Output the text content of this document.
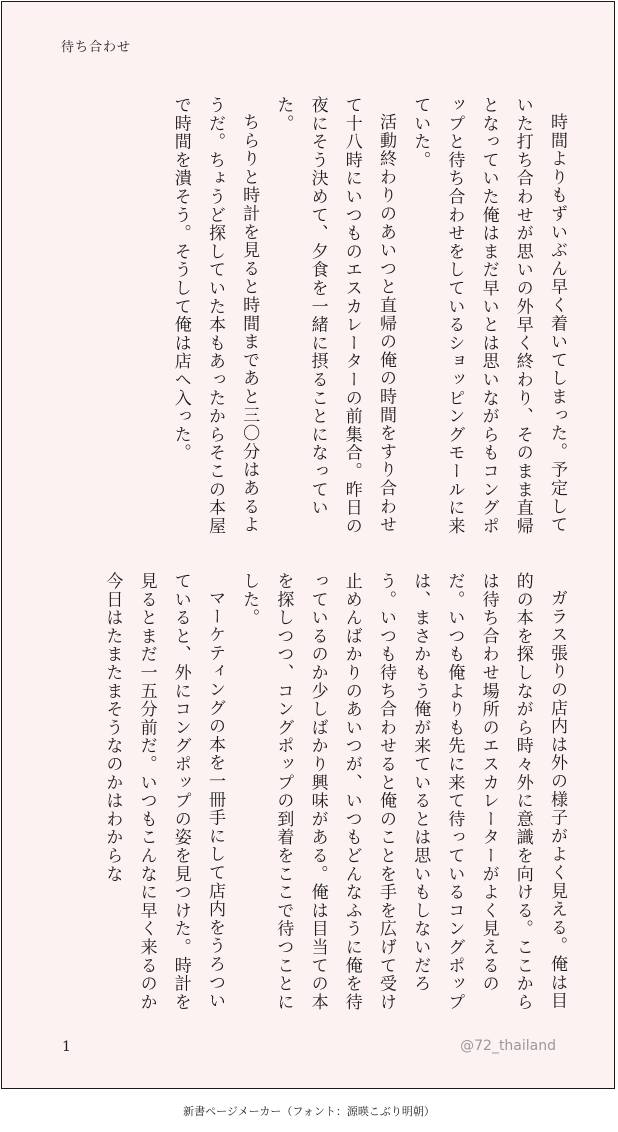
待ち合わせ

時間よりもずいぶん早く着いてしまった。予定していた打ち合わせが思いの外早く終わり、そのまま直帰となっていた俺はまだ早いとは思いながらもコングポップと待ち合わせをしているショッピングモールに来ていた。

活動終わりのあいつと直帰の俺の時間をすり合わせて十八時にいつものエスカレーターの前集合。昨日の夜にそう決めて、夕食を一緒に摂ることになっていた。

ちらりと時計を見ると時間まであと三〇分はあるようだ。ちょうど探していた本もあったからそこの本屋で時間を潰そう。そうして俺は店へ入った。

ガラス張りの店内は外の様子がよく見える。俺は目的の本を探しながら時々外に意識を向ける。ここからは待ち合わせ場所のエスカレーターがよく見えるのだ。いつも俺よりも先に来て待っているコングポップは、まさかもう俺が来ているとは思いもしないだろう。いつも待ち合わせると俺のことを手を広げて受け止めんばかりのあいつが、いつもどんなふうに俺を待っているのか少しばかり興味がある。俺は目当ての本を探しつつ、コングポップの到着をここで待つことにした。

マーケティングの本を一冊手にして店内をうろついていると、外にコングポップの姿を見つけた。時計を見るとまだ一五分前だ。いつもこんなに早く来るのか今日はたまたまそうなのかはわからな

1	@72_thailand
新書ページメーカー（フォント：源暎こぶり明朝）
